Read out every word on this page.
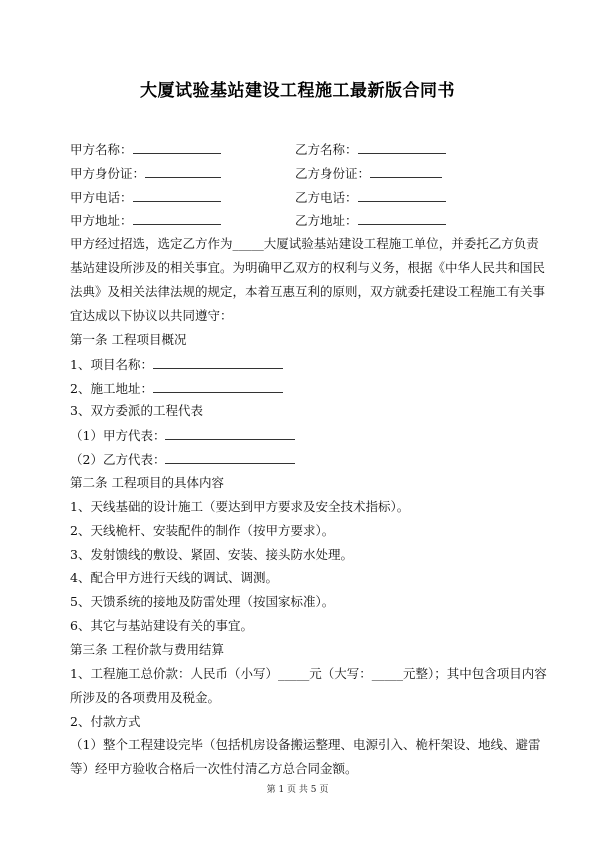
大厦试验基站建设工程施工最新版合同书
甲方名称：	乙方名称：
甲方身份证：	乙方身份证：
甲方电话：	乙方电话：
甲方地址：	乙方地址：
甲方经过招选，选定乙方作为_____大厦试验基站建设工程施工单位，并委托乙方负责
基站建设所涉及的相关事宜。为明确甲乙双方的权利与义务，根据《中华人民共和国民
法典》及相关法律法规的规定，本着互惠互利的原则，双方就委托建设工程施工有关事
宜达成以下协议以共同遵守：
第一条 工程项目概况
1、项目名称：
2、施工地址：
3、双方委派的工程代表
（1）甲方代表：
（2）乙方代表：
第二条 工程项目的具体内容
1、天线基础的设计施工（要达到甲方要求及安全技术指标）。
2、天线桅杆、安装配件的制作（按甲方要求）。
3、发射馈线的敷设、紧固、安装、接头防水处理。
4、配合甲方进行天线的调试、调测。
5、天馈系统的接地及防雷处理（按国家标准）。
6、其它与基站建设有关的事宜。
第三条 工程价款与费用结算
1、工程施工总价款：人民币（小写）_____元（大写：_____元整）；其中包含项目内容
所涉及的各项费用及税金。
2、付款方式
（1）整个工程建设完毕（包括机房设备搬运整理、电源引入、桅杆架设、地线、避雷
等）经甲方验收合格后一次性付清乙方总合同金额。
第 1 页 共 5 页
